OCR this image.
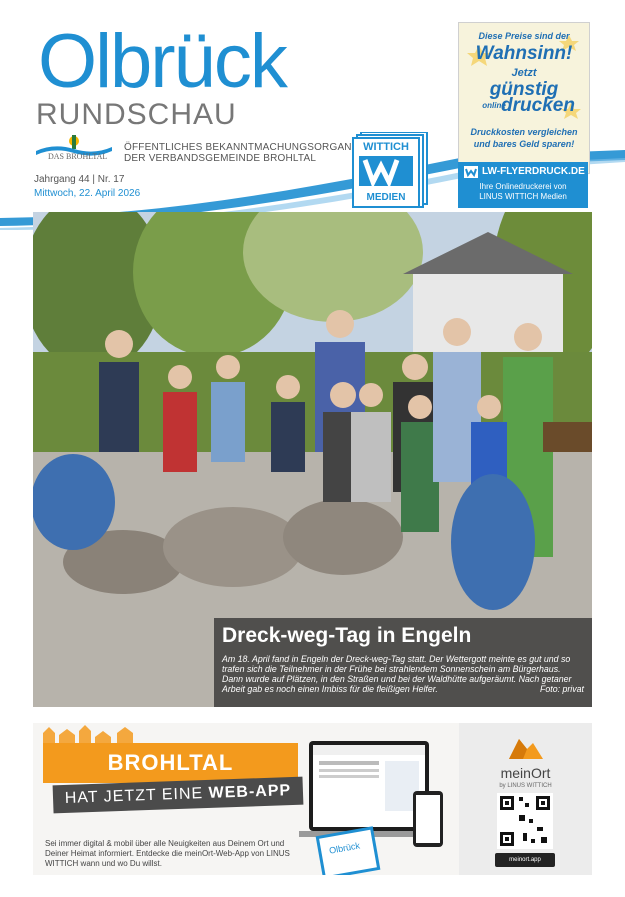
Olbrück
RUNDSCHAU
DAS BROHLTAL
ÖFFENTLICHES BEKANNTMACHUNGSORGAN
DER VERBANDSGEMEINDE BROHLTAL
Jahrgang 44 | Nr. 17
Mittwoch, 22. April 2026
WITTICH
MEDIEN
Diese Preise sind der
Wahnsinn!
Jetzt
günstig
online
drucken
Druckkosten vergleichen
und bares Geld sparen!
LW-FLYERDRUCK.DE
Ihre Onlinedruckerei von
LINUS WITTICH Medien
Dreck-weg-Tag in Engeln
Am 18. April fand in Engeln der Dreck-weg-Tag statt. Der Wettergott meinte es gut und so trafen sich die Teilnehmer in der Frühe bei strahlendem Sonnenschein am Bürgerhaus. Dann wurde auf Plätzen, in den Straßen und bei der Waldhütte aufgeräumt. Nach getaner Arbeit gab es noch einen Imbiss für die fleißigen Helfer.	Foto: privat
BROHLTAL
HAT JETZT EINE WEB-APP
Sei immer digital & mobil über alle Neuigkeiten aus Deinem Ort und Deiner Heimat informiert. Entdecke die meinOrt-Web-App von LINUS WITTICH wann und wo Du willst.
Olbrück
meinOrt
by LINUS WITTICH
meinort.app
